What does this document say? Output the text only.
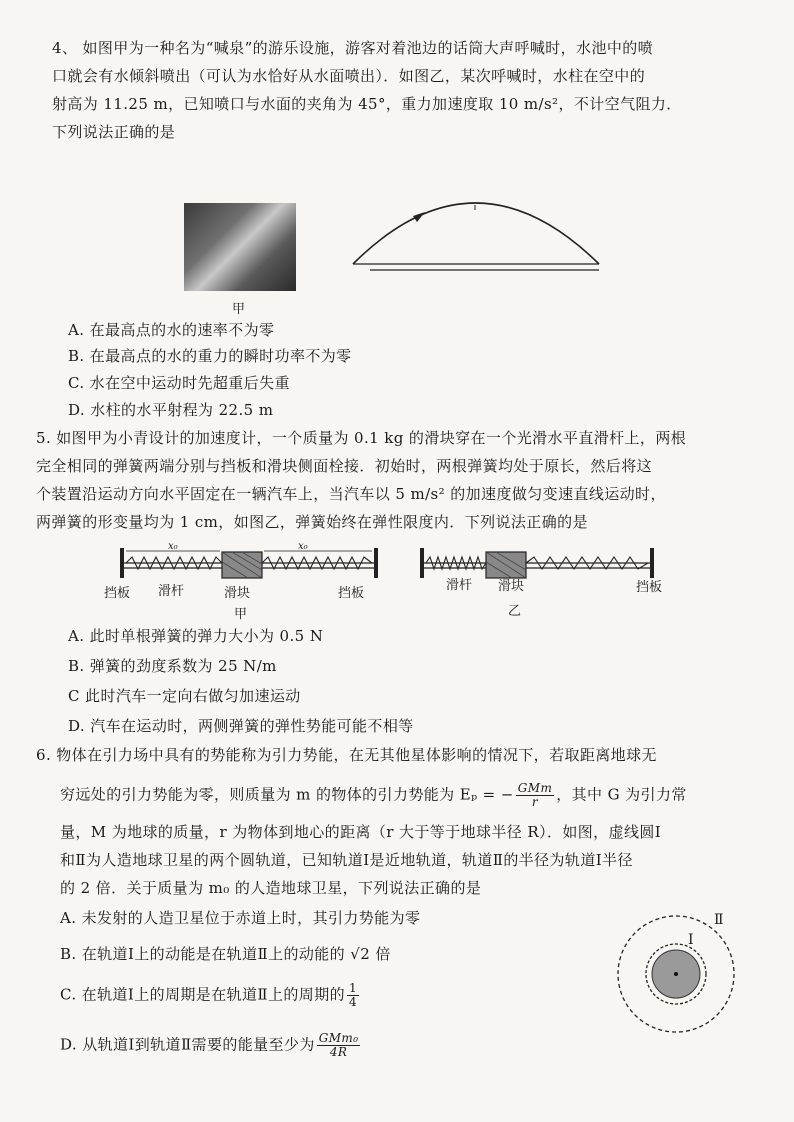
4、 如图甲为一种名为“喊泉”的游乐设施，游客对着池边的话筒大声呼喊时，水池中的喷
口就会有水倾斜喷出（可认为水恰好从水面喷出）．如图乙，某次呼喊时，水柱在空中的
射高为 11.25 m，已知喷口与水面的夹角为 45°，重力加速度取 10 m/s²，不计空气阻力．
下列说法正确的是
甲
A. 在最高点的水的速率不为零
B. 在最高点的水的重力的瞬时功率不为零
C. 水在空中运动时先超重后失重
D. 水柱的水平射程为 22.5 m
5. 如图甲为小青设计的加速度计，一个质量为 0.1 kg 的滑块穿在一个光滑水平直滑杆上，两根
完全相同的弹簧两端分别与挡板和滑块侧面栓接．初始时，两根弹簧均处于原长，然后将这
个装置沿运动方向水平固定在一辆汽车上，当汽车以 5 m/s² 的加速度做匀变速直线运动时，
两弹簧的形变量均为 1 cm，如图乙，弹簧始终在弹性限度内．下列说法正确的是
x₀	x₀
挡板 滑杆	滑块	挡板
甲
滑杆 滑块	挡板
乙
A. 此时单根弹簧的弹力大小为 0.5 N
B. 弹簧的劲度系数为 25 N/m
C 此时汽车一定向右做匀加速运动
D. 汽车在运动时，两侧弹簧的弹性势能可能不相等
6. 物体在引力场中具有的势能称为引力势能，在无其他星体影响的情况下，若取距离地球无
穷远处的引力势能为零，则质量为 m 的物体的引力势能为 Eₚ = − $\frac{\text{GMm}}{r}$ ，其中 G 为引力常
量，M 为地球的质量，r 为物体到地心的距离（r 大于等于地球半径 R）．如图，虚线圆Ⅰ
和Ⅱ为人造地球卫星的两个圆轨道，已知轨道Ⅰ是近地轨道，轨道Ⅱ的半径为轨道Ⅰ半径
的 2 倍．关于质量为 m₀ 的人造地球卫星，下列说法正确的是
A. 未发射的人造卫星位于赤道上时，其引力势能为零
B. 在轨道Ⅰ上的动能是在轨道Ⅱ上的动能的 √2 倍
C. 在轨道Ⅰ上的周期是在轨道Ⅱ上的周期的 $\frac{1}{4}$
D. 从轨道Ⅰ到轨道Ⅱ需要的能量至少为 $\frac{\text{GMm₀}}{4R}$
Ⅱ
Ⅰ
